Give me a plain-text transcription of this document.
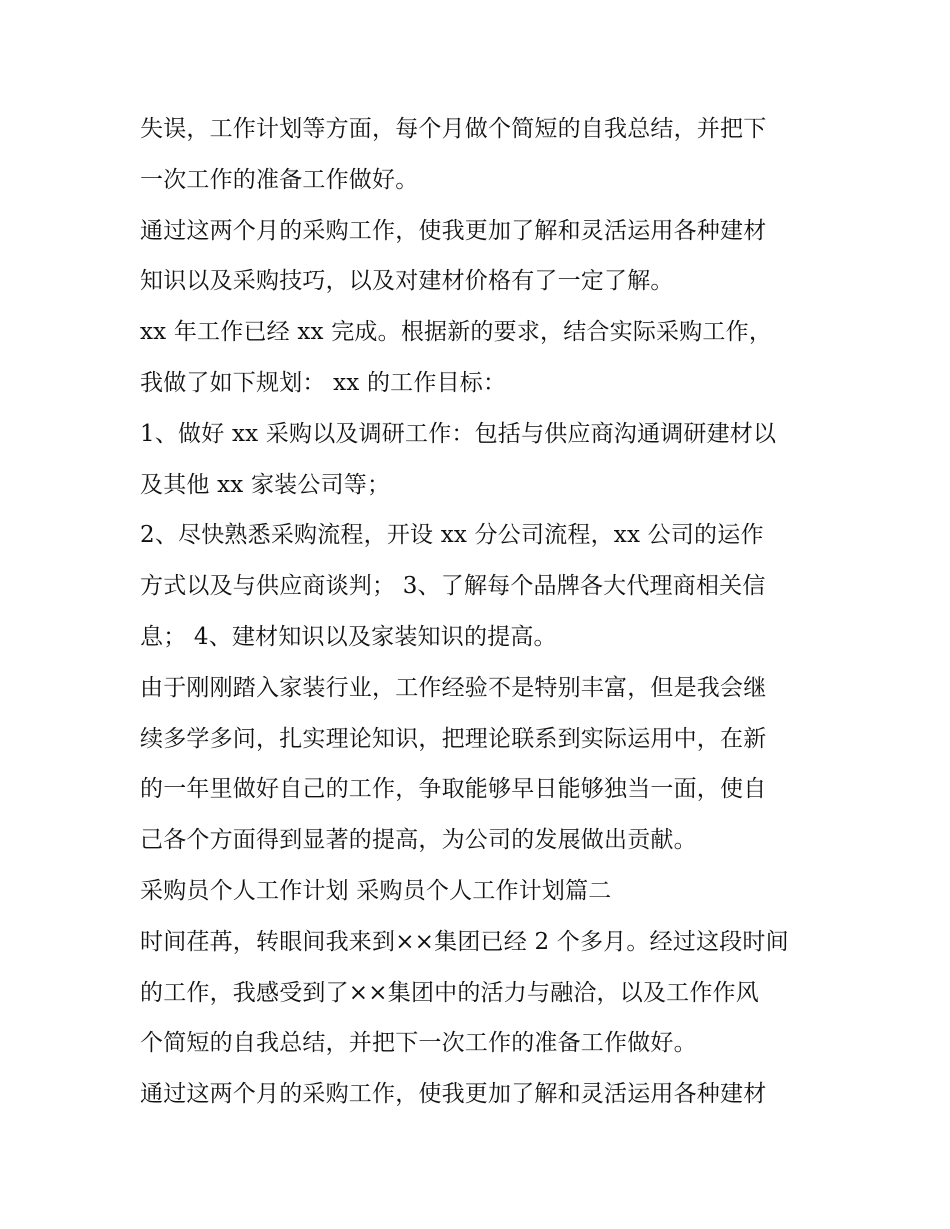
失误，工作计划等方面，每个月做个简短的自我总结，并把下
一次工作的准备工作做好。
通过这两个月的采购工作，使我更加了解和灵活运用各种建材
知识以及采购技巧，以及对建材价格有了一定了解。
xx 年工作已经 xx 完成。根据新的要求，结合实际采购工作，
我做了如下规划： xx 的工作目标：
1、做好 xx 采购以及调研工作：包括与供应商沟通调研建材以
及其他 xx 家装公司等；
2、尽快熟悉采购流程，开设 xx 分公司流程，xx 公司的运作
方式以及与供应商谈判； 3、了解每个品牌各大代理商相关信
息； 4、建材知识以及家装知识的提高。
由于刚刚踏入家装行业，工作经验不是特别丰富，但是我会继
续多学多问，扎实理论知识，把理论联系到实际运用中，在新
的一年里做好自己的工作，争取能够早日能够独当一面，使自
己各个方面得到显著的提高，为公司的发展做出贡献。
采购员个人工作计划 采购员个人工作计划篇二
时间荏苒，转眼间我来到××集团已经 2 个多月。经过这段时间
的工作，我感受到了××集团中的活力与融洽，以及工作作风
个简短的自我总结，并把下一次工作的准备工作做好。
通过这两个月的采购工作，使我更加了解和灵活运用各种建材
